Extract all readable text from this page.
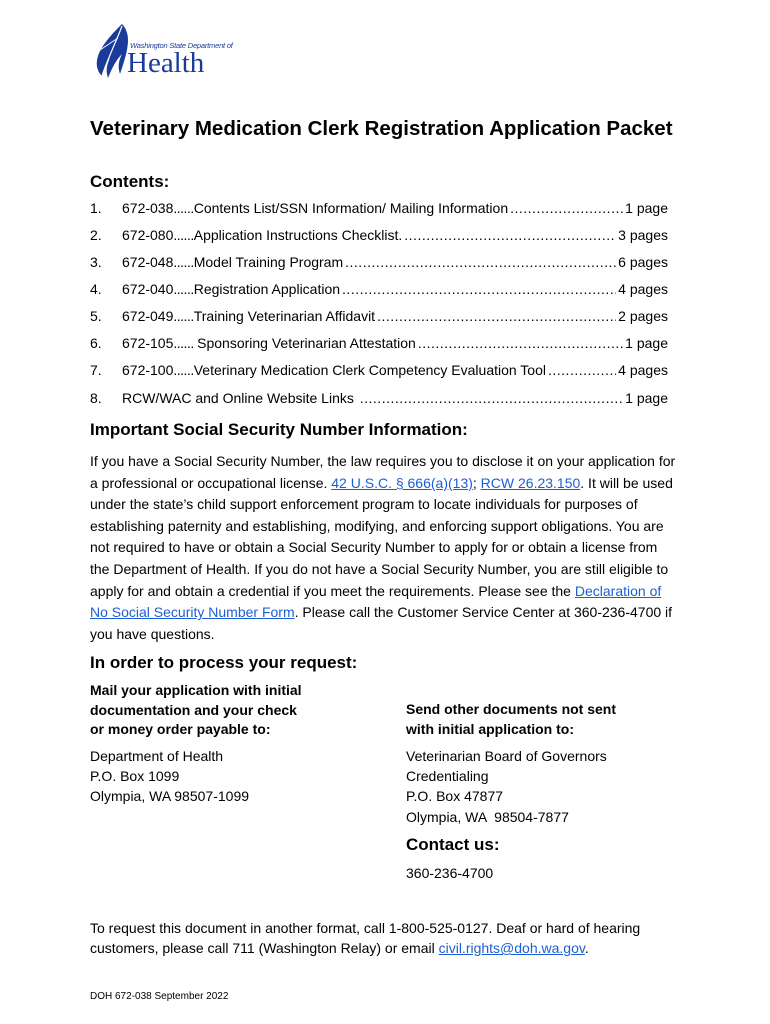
Washington State Department of
Health
Veterinary Medication Clerk Registration Application Packet
Contents:
1.	672-038 ...... Contents List/SSN Information/ Mailing Information .....	1 page
2.	672-080 ...... Application Instructions Checklist. .....	3 pages
3.	672-048 ...... Model Training Program .....	6 pages
4.	672-040 ...... Registration Application .....	4 pages
5.	672-049 ...... Training Veterinarian Affidavit .....	2 pages
6.	672-105 ...... Sponsoring Veterinarian Attestation .....	1 page
7.	672-100 ...... Veterinary Medication Clerk Competency Evaluation Tool .....	4 pages
8.	RCW/WAC and Online Website Links .....	1 page
Important Social Security Number Information:
If you have a Social Security Number, the law requires you to disclose it on your application for a professional or occupational license. 42 U.S.C. § 666(a)(13); RCW 26.23.150. It will be used under the state’s child support enforcement program to locate individuals for purposes of establishing paternity and establishing, modifying, and enforcing support obligations. You are not required to have or obtain a Social Security Number to apply for or obtain a license from the Department of Health. If you do not have a Social Security Number, you are still eligible to apply for and obtain a credential if you meet the requirements. Please see the Declaration of No Social Security Number Form. Please call the Customer Service Center at 360-236-4700 if you have questions.
In order to process your request:
Mail your application with initial
documentation and your check
or money order payable to:
Department of Health
P.O. Box 1099
Olympia, WA 98507-1099
Send other documents not sent
with initial application to:
Veterinarian Board of Governors
Credentialing
P.O. Box 47877
Olympia, WA  98504-7877
Contact us:
360-236-4700
To request this document in another format, call 1-800-525-0127. Deaf or hard of hearing customers, please call 711 (Washington Relay) or email civil.rights@doh.wa.gov.
DOH 672-038 September 2022
